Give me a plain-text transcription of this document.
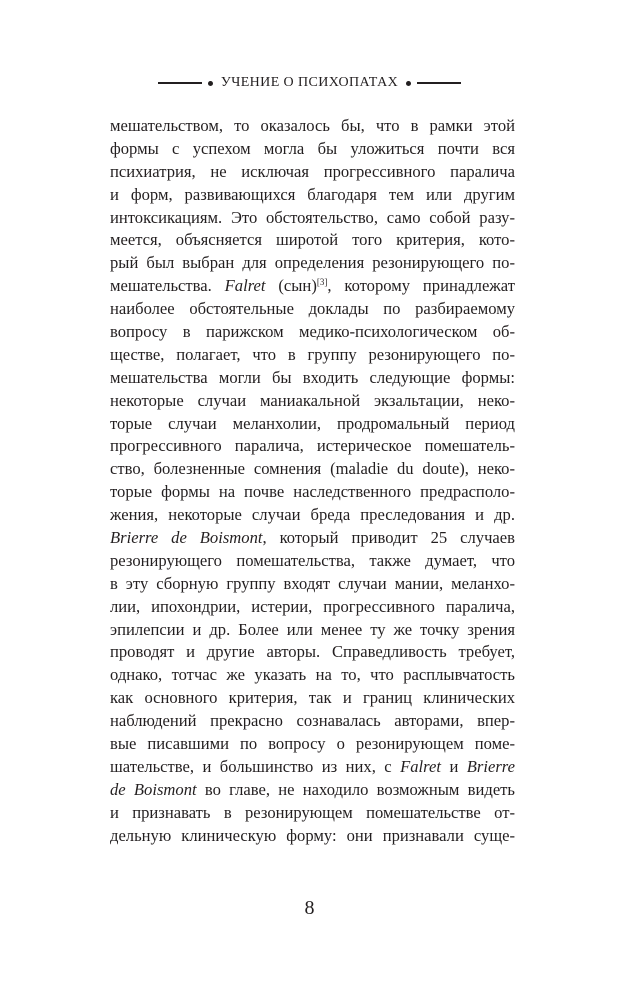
УЧЕНИЕ О ПСИХОПАТАХ
мешательством, то оказалось бы, что в рамки этой
формы с успехом могла бы уложиться почти вся
психиатрия, не исключая прогрессивного паралича
и форм, развивающихся благодаря тем или другим
интоксикациям. Это обстоятельство, само собой разу-
меется, объясняется широтой того критерия, кото-
рый был выбран для определения резонирующего по-
мешательства. Falret (сын)[3], которому принадлежат
наиболее обстоятельные доклады по разбираемому
вопросу в парижском медико-психологическом об-
ществе, полагает, что в группу резонирующего по-
мешательства могли бы входить следующие формы:
некоторые случаи маниакальной экзальтации, неко-
торые случаи меланхолии, продромальный период
прогрессивного паралича, истерическое помешатель-
ство, болезненные сомнения (maladie du doute), неко-
торые формы на почве наследственного предрасполо-
жения, некоторые случаи бреда преследования и др.
Brierre de Boismont, который приводит 25 случаев
резонирующего помешательства, также думает, что
в эту сборную группу входят случаи мании, меланхо-
лии, ипохондрии, истерии, прогрессивного паралича,
эпилепсии и др. Более или менее ту же точку зрения
проводят и другие авторы. Справедливость требует,
однако, тотчас же указать на то, что расплывчатость
как основного критерия, так и границ клинических
наблюдений прекрасно сознавалась авторами, впер-
вые писавшими по вопросу о резонирующем поме-
шательстве, и большинство из них, с Falret и Brierre
de Boismont во главе, не находило возможным видеть
и признавать в резонирующем помешательстве от-
дельную клиническую форму: они признавали суще-
8
